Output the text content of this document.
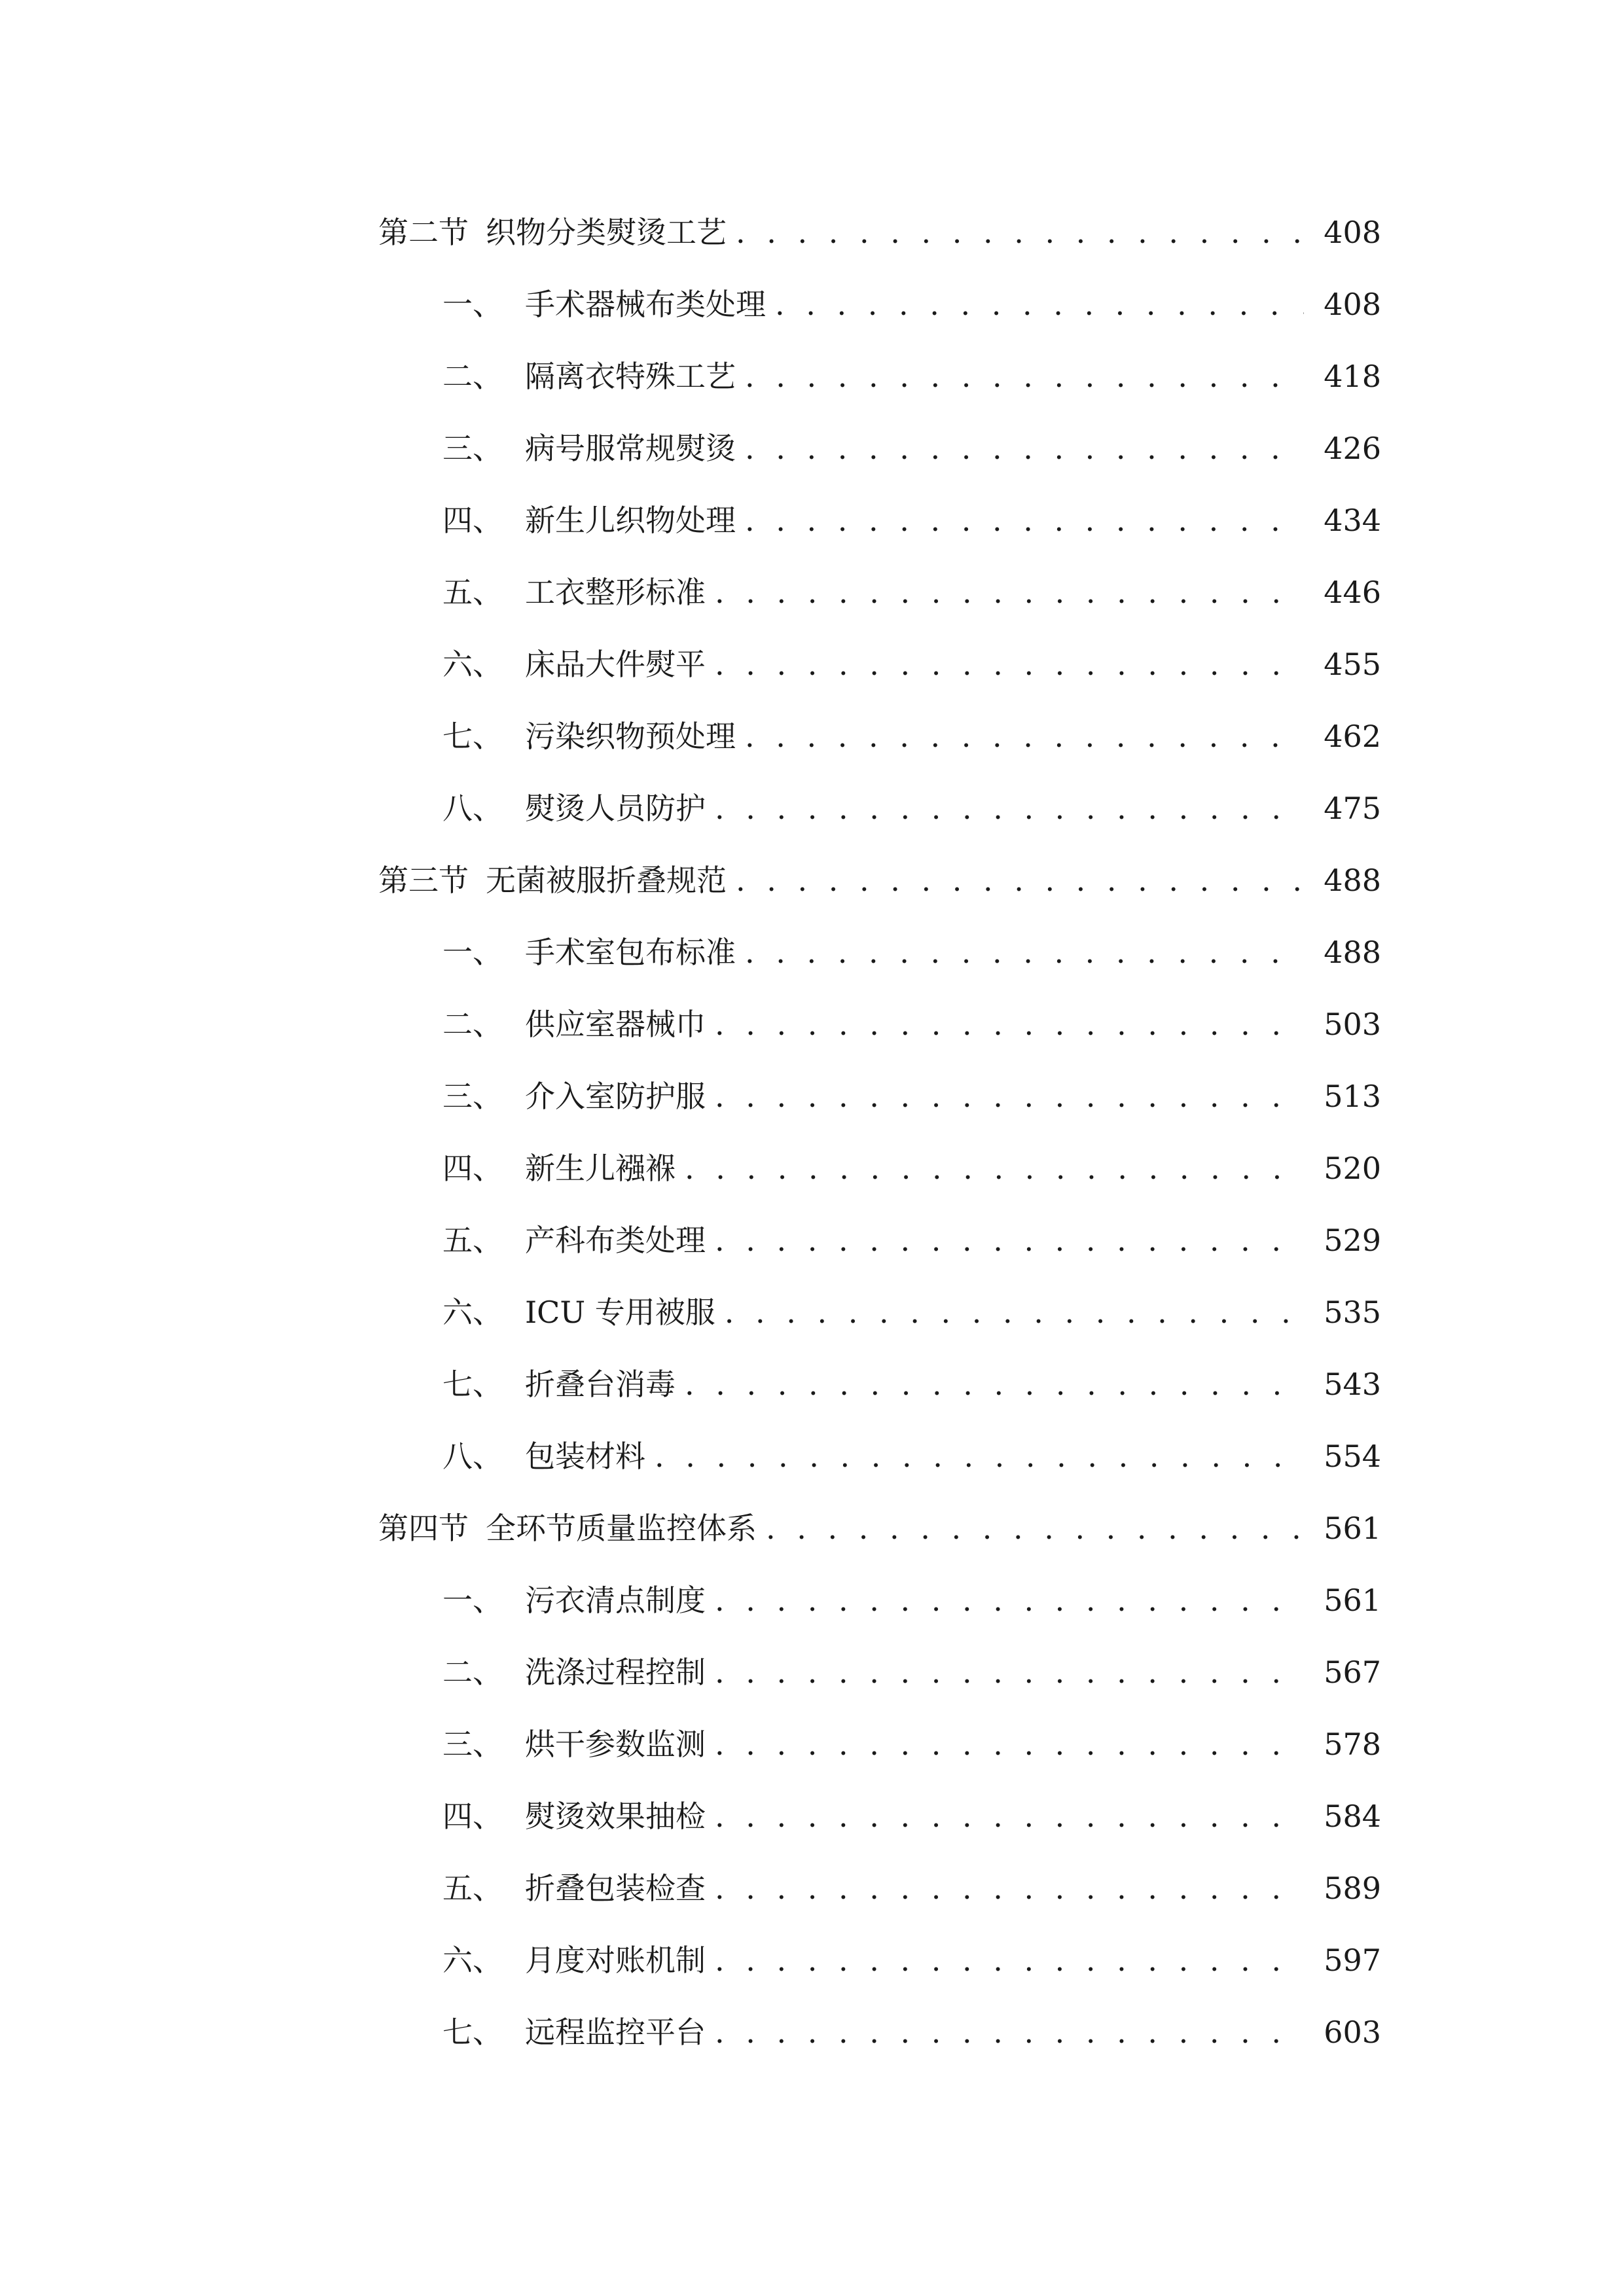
第二节 织物分类熨烫工艺 . . .	408
一、 手术器械布类处理 . . .	408
二、 隔离衣特殊工艺 . . .	418
三、 病号服常规熨烫 . . .	426
四、 新生儿织物处理 . . .	434
五、 工衣整形标准 . . .	446
六、 床品大件熨平 . . .	455
七、 污染织物预处理 . . .	462
八、 熨烫人员防护 . . .	475
第三节 无菌被服折叠规范 . . .	488
一、 手术室包布标准 . . .	488
二、 供应室器械巾 . . .	503
三、 介入室防护服 . . .	513
四、 新生儿襁褓 . . .	520
五、 产科布类处理 . . .	529
六、 ICU 专用被服 . . .	535
七、 折叠台消毒 . . .	543
八、 包装材料 . . .	554
第四节 全环节质量监控体系 . . .	561
一、 污衣清点制度 . . .	561
二、 洗涤过程控制 . . .	567
三、 烘干参数监测 . . .	578
四、 熨烫效果抽检 . . .	584
五、 折叠包装检查 . . .	589
六、 月度对账机制 . . .	597
七、 远程监控平台 . . .	603
